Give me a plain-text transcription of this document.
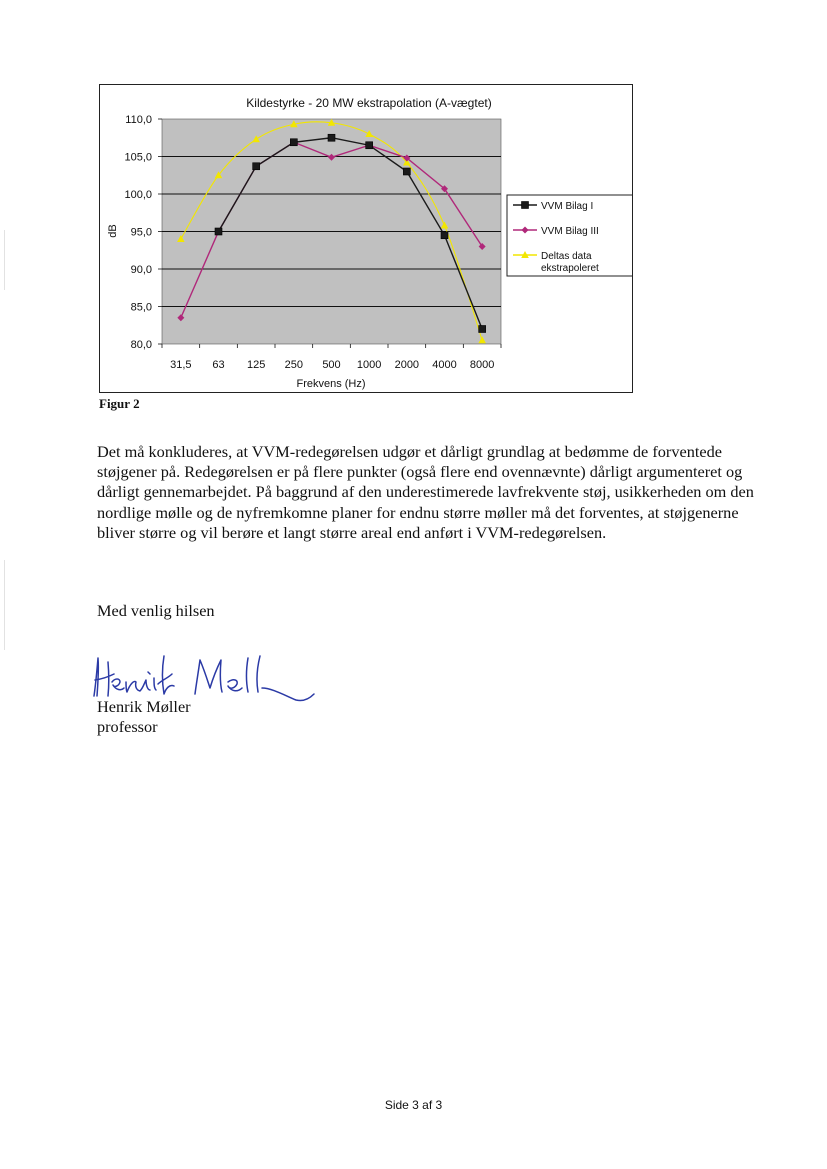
Kildestyrke - 20 MW ekstrapolation (A-vægtet)
80,0
85,0
90,0
95,0
100,0
105,0
110,0
31,5 63 125 250 500 1000 2000 4000 8000
dB
Frekvens (Hz)
VVM Bilag I
VVM Bilag III
Deltas data ekstrapoleret
Figur 2

Det må konkluderes, at VVM-redegørelsen udgør et dårligt grundlag at bedømme de forventede støjgener på. Redegørelsen er på flere punkter (også flere end ovennævnte) dårligt argumenteret og dårligt gennemarbejdet. På baggrund af den underestimerede lavfrekvente støj, usikkerheden om den nordlige mølle og de nyfremkomne planer for endnu større møller må det forventes, at støjgenerne bliver større og vil berøre et langt større areal end anført i VVM-redegørelsen.

Med venlig hilsen
Henrik Møller
professor
Side 3 af 3
